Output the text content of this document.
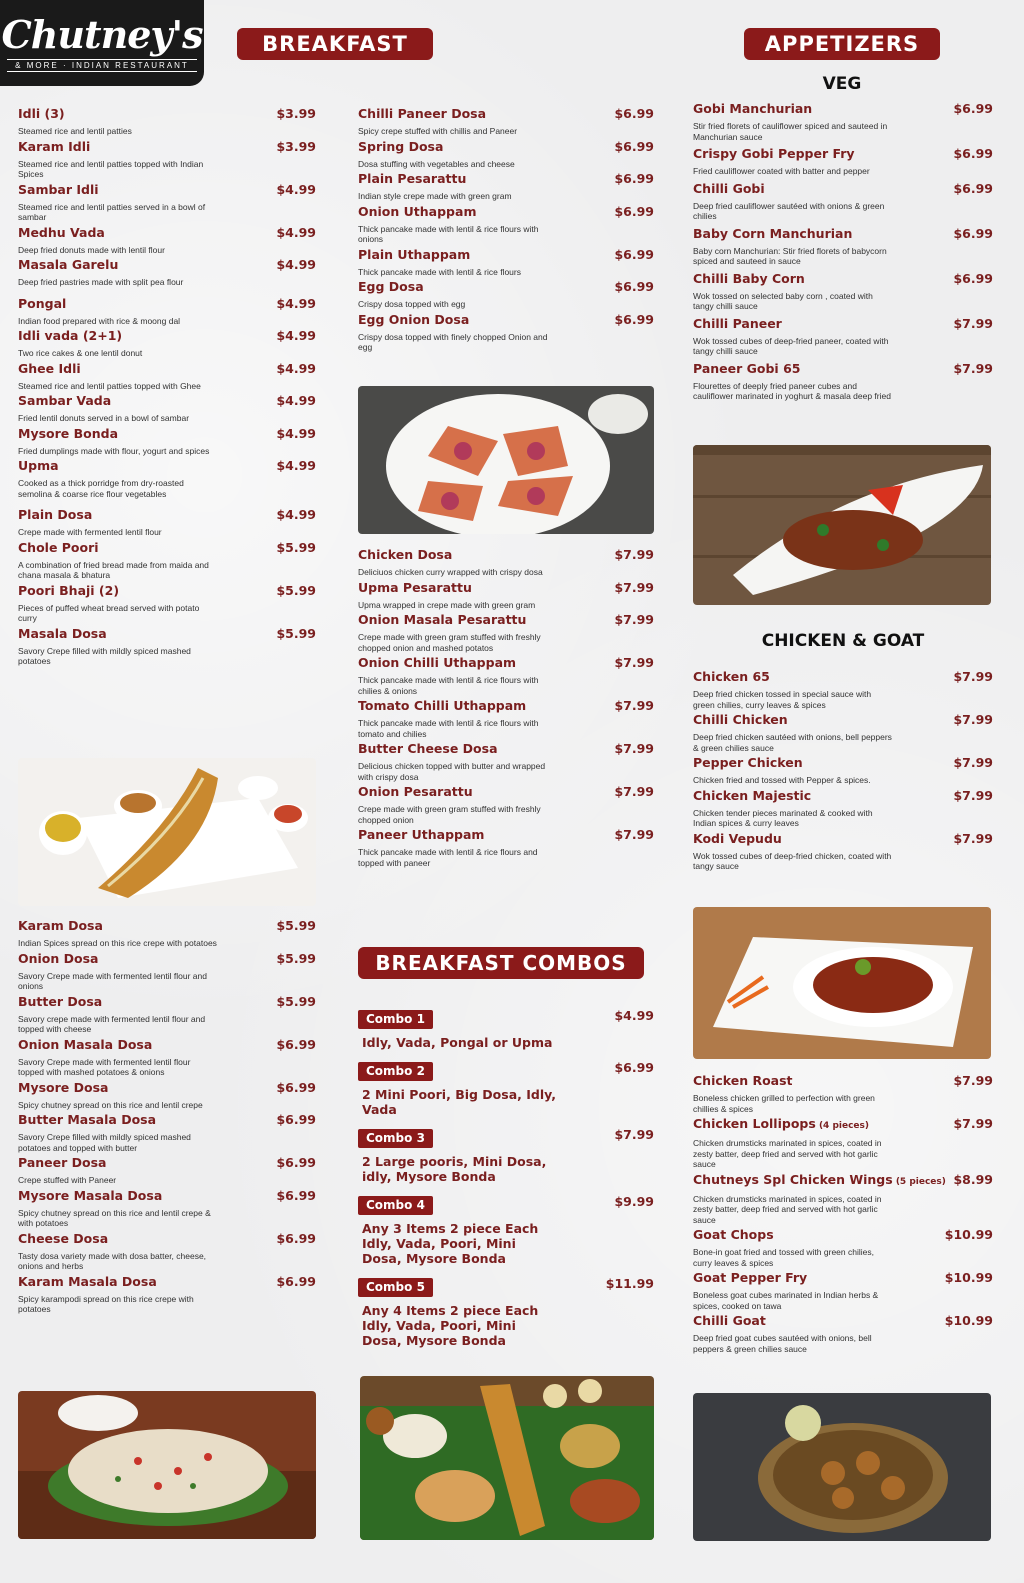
Chutney's
& MORE · INDIAN RESTAURANT
BREAKFAST	APPETIZERS
VEG
CHICKEN & GOAT
BREAKFAST COMBOS
Idli (3)	$3.99
Steamed rice and lentil patties
Karam Idli	$3.99
Steamed rice and lentil patties topped with Indian Spices
Sambar Idli	$4.99
Steamed rice and lentil patties served in a bowl of sambar
Medhu Vada	$4.99
Deep fried donuts made with lentil flour
Masala Garelu	$4.99
Deep fried pastries made with split pea flour
Pongal	$4.99
Indian food prepared with rice & moong dal
Idli vada (2+1)	$4.99
Two rice cakes & one lentil donut
Ghee Idli	$4.99
Steamed rice and lentil patties topped with Ghee
Sambar Vada	$4.99
Fried lentil donuts served in a bowl of sambar
Mysore Bonda	$4.99
Fried dumplings made with flour, yogurt and spices
Upma	$4.99
Cooked as a thick porridge from dry-roasted semolina & coarse rice flour vegetables
Plain Dosa	$4.99
Crepe made with fermented lentil flour
Chole Poori	$5.99
A combination of fried bread made from maida and chana masala & bhatura
Poori Bhaji (2)	$5.99
Pieces of puffed wheat bread served with potato curry
Masala Dosa	$5.99
Savory Crepe filled with mildly spiced mashed potatoes
Karam Dosa	$5.99
Indian Spices spread on this rice crepe with potatoes
Onion Dosa	$5.99
Savory Crepe made with fermented lentil flour and onions
Butter Dosa	$5.99
Savory crepe made with fermented lentil flour and topped with cheese
Onion Masala Dosa	$6.99
Savory Crepe made with fermented lentil flour topped with mashed potatoes & onions
Mysore Dosa	$6.99
Spicy chutney spread on this rice and lentil crepe
Butter Masala Dosa	$6.99
Savory Crepe filled with mildly spiced mashed potatoes and topped with butter
Paneer Dosa	$6.99
Crepe stuffed with Paneer
Mysore Masala Dosa	$6.99
Spicy chutney spread on this rice and lentil crepe & with potatoes
Cheese Dosa	$6.99
Tasty dosa variety made with dosa batter, cheese, onions and herbs
Karam Masala Dosa	$6.99
Spicy karampodi spread on this rice crepe with potatoes
Chilli Paneer Dosa	$6.99
Spicy crepe stuffed with chillis and Paneer
Spring Dosa	$6.99
Dosa stuffing with vegetables and cheese
Plain Pesarattu	$6.99
Indian style crepe made with green gram
Onion Uthappam	$6.99
Thick pancake made with lentil & rice flours with onions
Plain Uthappam	$6.99
Thick pancake made with lentil & rice flours
Egg Dosa	$6.99
Crispy dosa topped with egg
Egg Onion Dosa	$6.99
Crispy dosa topped with finely chopped Onion and egg
Chicken Dosa	$7.99
Deliciuos chicken curry wrapped with crispy dosa
Upma Pesarattu	$7.99
Upma wrapped in crepe made with green gram
Onion Masala Pesarattu	$7.99
Crepe made with green gram stuffed with freshly chopped onion and mashed potatos
Onion Chilli Uthappam	$7.99
Thick pancake made with lentil & rice flours with chilies & onions
Tomato Chilli Uthappam	$7.99
Thick pancake made with lentil & rice flours with tomato and chilies
Butter Cheese Dosa	$7.99
Delicious chicken topped with butter and wrapped with crispy dosa
Onion Pesarattu	$7.99
Crepe made with green gram stuffed with freshly chopped onion
Paneer Uthappam	$7.99
Thick pancake made with lentil & rice flours and topped with paneer
Combo 1	$4.99
Idly, Vada, Pongal or Upma
Combo 2	$6.99
2 Mini Poori, Big Dosa, Idly, Vada
Combo 3	$7.99
2 Large pooris, Mini Dosa, idly, Mysore Bonda
Combo 4	$9.99
Any 3 Items 2 piece Each Idly, Vada, Poori, Mini Dosa, Mysore Bonda
Combo 5	$11.99
Any 4 Items 2 piece Each Idly, Vada, Poori, Mini Dosa, Mysore Bonda
Gobi Manchurian	$6.99
Stir fried florets of cauliflower spiced and sauteed in Manchurian sauce
Crispy Gobi Pepper Fry	$6.99
Fried cauliflower coated with batter and pepper
Chilli Gobi	$6.99
Deep fried cauliflower sautéed with onions & green chilies
Baby Corn Manchurian	$6.99
Baby corn Manchurian: Stir fried florets of babycorn spiced and sauteed in sauce
Chilli Baby Corn	$6.99
Wok tossed on selected baby corn , coated with tangy chilli sauce
Chilli Paneer	$7.99
Wok tossed cubes of deep-fried paneer, coated with tangy chilli sauce
Paneer Gobi 65	$7.99
Flourettes of deeply fried paneer cubes and cauliflower marinated in yoghurt & masala deep fried
Chicken 65	$7.99
Deep fried chicken tossed in special sauce with green chilies, curry leaves & spices
Chilli Chicken	$7.99
Deep fried chicken sautéed with onions, bell peppers & green chilies sauce
Pepper Chicken	$7.99
Chicken fried and tossed with Pepper & spices.
Chicken Majestic	$7.99
Chicken tender pieces marinated & cooked with Indian spices & curry leaves
Kodi Vepudu	$7.99
Wok tossed cubes of deep-fried chicken, coated with tangy sauce
Chicken Roast	$7.99
Boneless chicken grilled to perfection with green chillies & spices
Chicken Lollipops (4 pieces)	$7.99
Chicken drumsticks marinated in spices, coated in zesty batter, deep fried and served with hot garlic sauce
Chutneys Spl Chicken Wings (5 pieces) $8.99
Chicken drumsticks marinated in spices, coated in zesty batter, deep fried and served with hot garlic sauce
Goat Chops	$10.99
Bone-in goat fried and tossed with green chilies, curry leaves & spices
Goat Pepper Fry	$10.99
Boneless goat cubes marinated in Indian herbs & spices, cooked on tawa
Chilli Goat	$10.99
Deep fried goat cubes sautéed with onions, bell peppers & green chilies sauce
